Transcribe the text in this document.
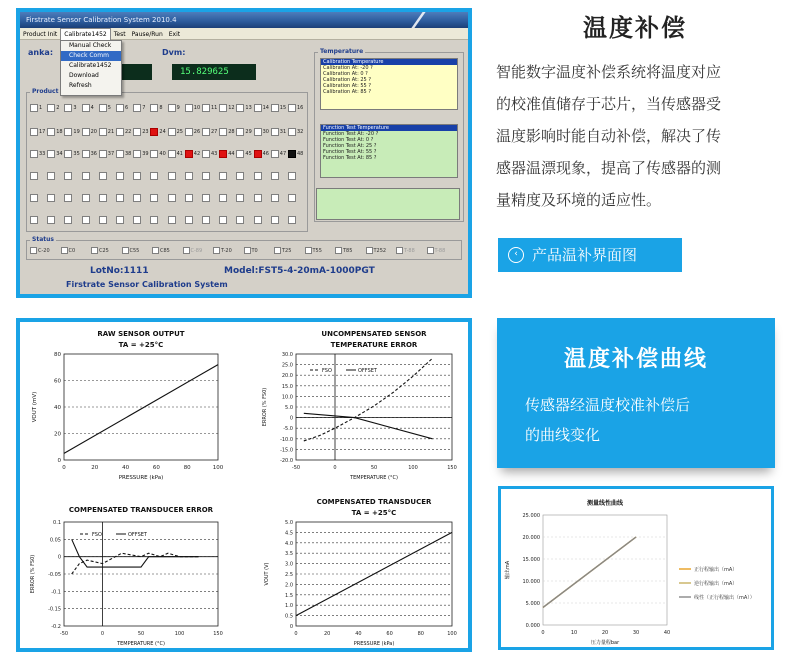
Firstrate Sensor Calibration System 2010.4
Product Init Calibrate1452 Test Pause/Run Exit
Manual Check
Check Comm
Calibrate1452
Download
Refresh
anka:	Dvm:
15.829625
Product
1	2	3	4	5	6	7	8	9	10 11 12 13 14 15 16
17 18 19 20 21 22 23 24 25 26 27 28 29 30 31 32
33 34 35 36 37 38 39 40 41 42 43 44 45 46 47 48
Temperature
Calibration Temperature
Calibration At: -20 ?
Calibration At: 0 ?
Calibration At: 25 ?
Calibration At: 55 ?
Calibration At: 85 ?
Function Test Temperature
Function Test At: -20 ?
Function Test At: 0 ?
Function Test At: 25 ?
Function Test At: 55 ?
Function Test At: 85 ?
Status
C-20	C0	C25	C55	C85	C-89	T-20	T0	T25	T55	T85	T252	T-88	T-88
LotNo:1111	Model:FST5-4-20mA-1000PGT
Firstrate Sensor Calibration System
温度补偿
智能数字温度补偿系统将温度对应
的校准值储存于芯片，当传感器受
温度影响时能自动补偿，解决了传
感器温漂现象，提高了传感器的测
量精度及环境的适应性。
‹ 产品温补界面图
RAW SENSOR OUTPUT
TA = +25°C
0
20
40
60
80
0	20	40	60	80	100
PRESSURE (kPa)
VOUT (mV)
UNCOMPENSATED SENSOR
TEMPERATURE ERROR
-20.0
-15.0
-10.0
-5.0
0
5.0
10.0
15.0
20.0
25.0
30.0
-50	0	50	100	150
TEMPERATURE (°C)
ERROR (% FS0)
COMPENSATED TRANSDUCER ERROR
-0.2
-0.15
-0.1
-0.05
0
0.05
0.1
-50	0	50	100	150
TEMPERATURE (°C)
ERROR (% FS0)
COMPENSATED TRANSDUCER
TA = +25°C
0
0.5
1.0
1.5
2.0
2.5
3.0
3.5
4.0
4.5
5.0
0	20	40	60	80	100
PRESSURE (kPa)
VOUT (V)
FSO	OFFSET
FSO	OFFSET
温度补偿曲线
传感器经温度校准补偿后
的曲线变化
测量线性曲线
0.000
5.000
10.000
15.000
20.000
25.000
0	10	20	30	40
压力量程bar
输出mA	正行程输出（mA）
逆行程输出（mA）
线性（正行程输出（mA））
